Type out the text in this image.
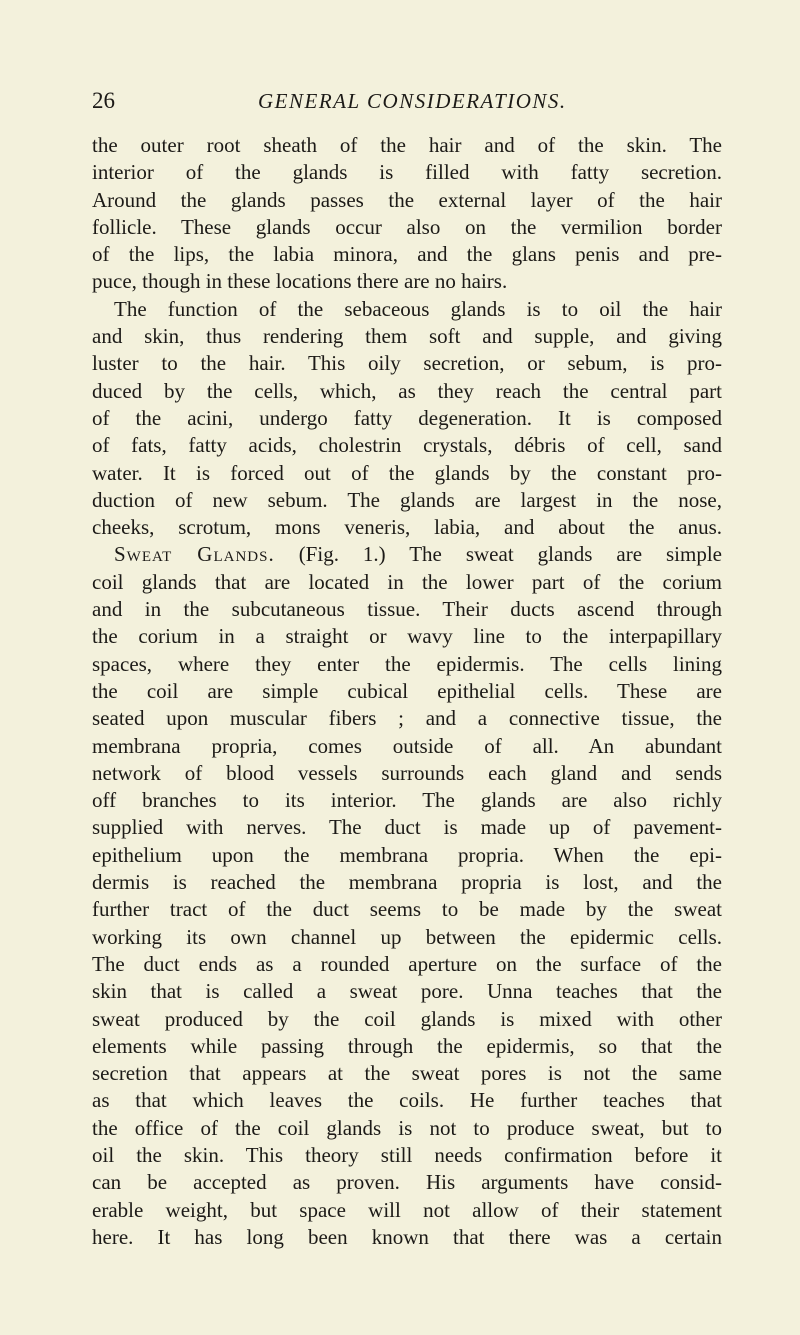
26	GENERAL CONSIDERATIONS.
the outer root sheath of the hair and of the skin. The
interior of the glands is filled with fatty secretion.
Around the glands passes the external layer of the hair
follicle. These glands occur also on the vermilion border
of the lips, the labia minora, and the glans penis and pre-
puce, though in these locations there are no hairs.
The function of the sebaceous glands is to oil the hair
and skin, thus rendering them soft and supple, and giving
luster to the hair. This oily secretion, or sebum, is pro-
duced by the cells, which, as they reach the central part
of the acini, undergo fatty degeneration. It is composed
of fats, fatty acids, cholestrin crystals, débris of cell, sand
water. It is forced out of the glands by the constant pro-
duction of new sebum. The glands are largest in the nose,
cheeks, scrotum, mons veneris, labia, and about the anus.
Sweat Glands. (Fig. 1.) The sweat glands are simple
coil glands that are located in the lower part of the corium
and in the subcutaneous tissue. Their ducts ascend through
the corium in a straight or wavy line to the interpapillary
spaces, where they enter the epidermis. The cells lining
the coil are simple cubical epithelial cells. These are
seated upon muscular fibers ; and a connective tissue, the
membrana propria, comes outside of all. An abundant
network of blood vessels surrounds each gland and sends
off branches to its interior. The glands are also richly
supplied with nerves. The duct is made up of pavement-
epithelium upon the membrana propria. When the epi-
dermis is reached the membrana propria is lost, and the
further tract of the duct seems to be made by the sweat
working its own channel up between the epidermic cells.
The duct ends as a rounded aperture on the surface of the
skin that is called a sweat pore. Unna teaches that the
sweat produced by the coil glands is mixed with other
elements while passing through the epidermis, so that the
secretion that appears at the sweat pores is not the same
as that which leaves the coils. He further teaches that
the office of the coil glands is not to produce sweat, but to
oil the skin. This theory still needs confirmation before it
can be accepted as proven. His arguments have consid-
erable weight, but space will not allow of their statement
here. It has long been known that there was a certain
